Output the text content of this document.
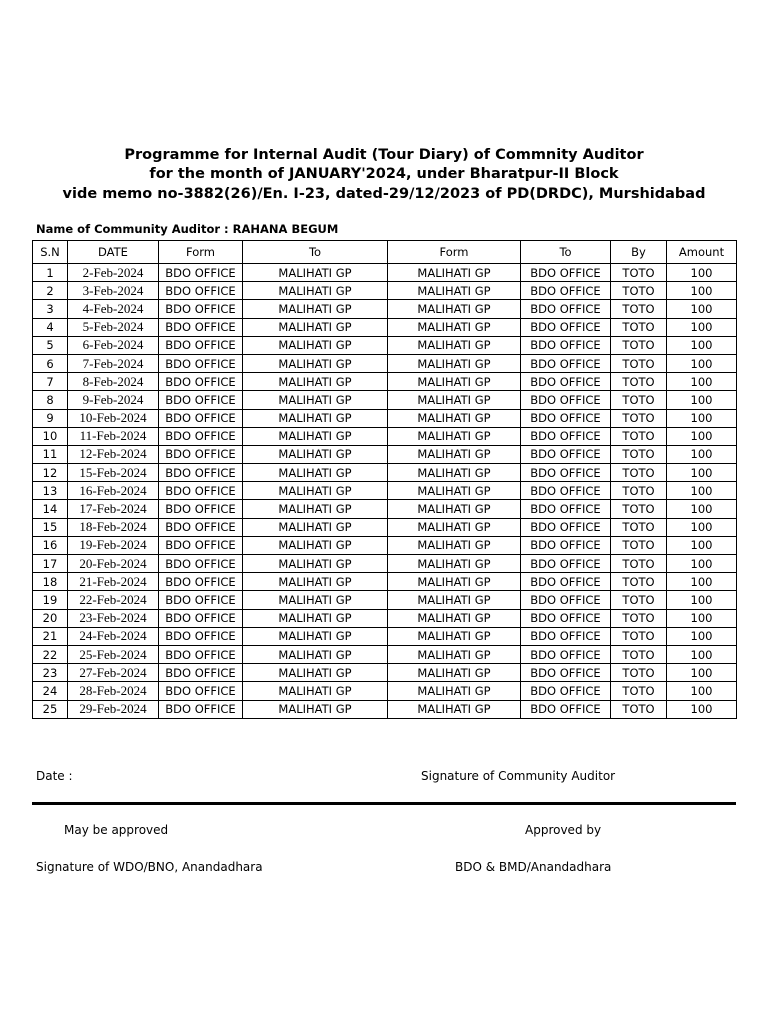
Programme for Internal Audit (Tour Diary) of Commnity Auditor
for the month of JANUARY'2024, under Bharatpur-II Block
vide memo no-3882(26)/En. I-23, dated-29/12/2023 of PD(DRDC), Murshidabad
Name of Community Auditor : RAHANA BEGUM
S.N	DATE	Form	To	Form	To	By	Amount
1	2-Feb-2024	BDO OFFICE	MALIHATI GP	MALIHATI GP	BDO OFFICE	TOTO	100
2	3-Feb-2024	BDO OFFICE	MALIHATI GP	MALIHATI GP	BDO OFFICE	TOTO	100
3	4-Feb-2024	BDO OFFICE	MALIHATI GP	MALIHATI GP	BDO OFFICE	TOTO	100
4	5-Feb-2024	BDO OFFICE	MALIHATI GP	MALIHATI GP	BDO OFFICE	TOTO	100
5	6-Feb-2024	BDO OFFICE	MALIHATI GP	MALIHATI GP	BDO OFFICE	TOTO	100
6	7-Feb-2024	BDO OFFICE	MALIHATI GP	MALIHATI GP	BDO OFFICE	TOTO	100
7	8-Feb-2024	BDO OFFICE	MALIHATI GP	MALIHATI GP	BDO OFFICE	TOTO	100
8	9-Feb-2024	BDO OFFICE	MALIHATI GP	MALIHATI GP	BDO OFFICE	TOTO	100
9	10-Feb-2024	BDO OFFICE	MALIHATI GP	MALIHATI GP	BDO OFFICE	TOTO	100
10	11-Feb-2024	BDO OFFICE	MALIHATI GP	MALIHATI GP	BDO OFFICE	TOTO	100
11	12-Feb-2024	BDO OFFICE	MALIHATI GP	MALIHATI GP	BDO OFFICE	TOTO	100
12	15-Feb-2024	BDO OFFICE	MALIHATI GP	MALIHATI GP	BDO OFFICE	TOTO	100
13	16-Feb-2024	BDO OFFICE	MALIHATI GP	MALIHATI GP	BDO OFFICE	TOTO	100
14	17-Feb-2024	BDO OFFICE	MALIHATI GP	MALIHATI GP	BDO OFFICE	TOTO	100
15	18-Feb-2024	BDO OFFICE	MALIHATI GP	MALIHATI GP	BDO OFFICE	TOTO	100
16	19-Feb-2024	BDO OFFICE	MALIHATI GP	MALIHATI GP	BDO OFFICE	TOTO	100
17	20-Feb-2024	BDO OFFICE	MALIHATI GP	MALIHATI GP	BDO OFFICE	TOTO	100
18	21-Feb-2024	BDO OFFICE	MALIHATI GP	MALIHATI GP	BDO OFFICE	TOTO	100
19	22-Feb-2024	BDO OFFICE	MALIHATI GP	MALIHATI GP	BDO OFFICE	TOTO	100
20	23-Feb-2024	BDO OFFICE	MALIHATI GP	MALIHATI GP	BDO OFFICE	TOTO	100
21	24-Feb-2024	BDO OFFICE	MALIHATI GP	MALIHATI GP	BDO OFFICE	TOTO	100
22	25-Feb-2024	BDO OFFICE	MALIHATI GP	MALIHATI GP	BDO OFFICE	TOTO	100
23	27-Feb-2024	BDO OFFICE	MALIHATI GP	MALIHATI GP	BDO OFFICE	TOTO	100
24	28-Feb-2024	BDO OFFICE	MALIHATI GP	MALIHATI GP	BDO OFFICE	TOTO	100
25	29-Feb-2024	BDO OFFICE	MALIHATI GP	MALIHATI GP	BDO OFFICE	TOTO	100
Date :	Signature of Community Auditor
May be approved	Approved by
Signature of WDO/BNO, Anandadhara	BDO & BMD/Anandadhara
